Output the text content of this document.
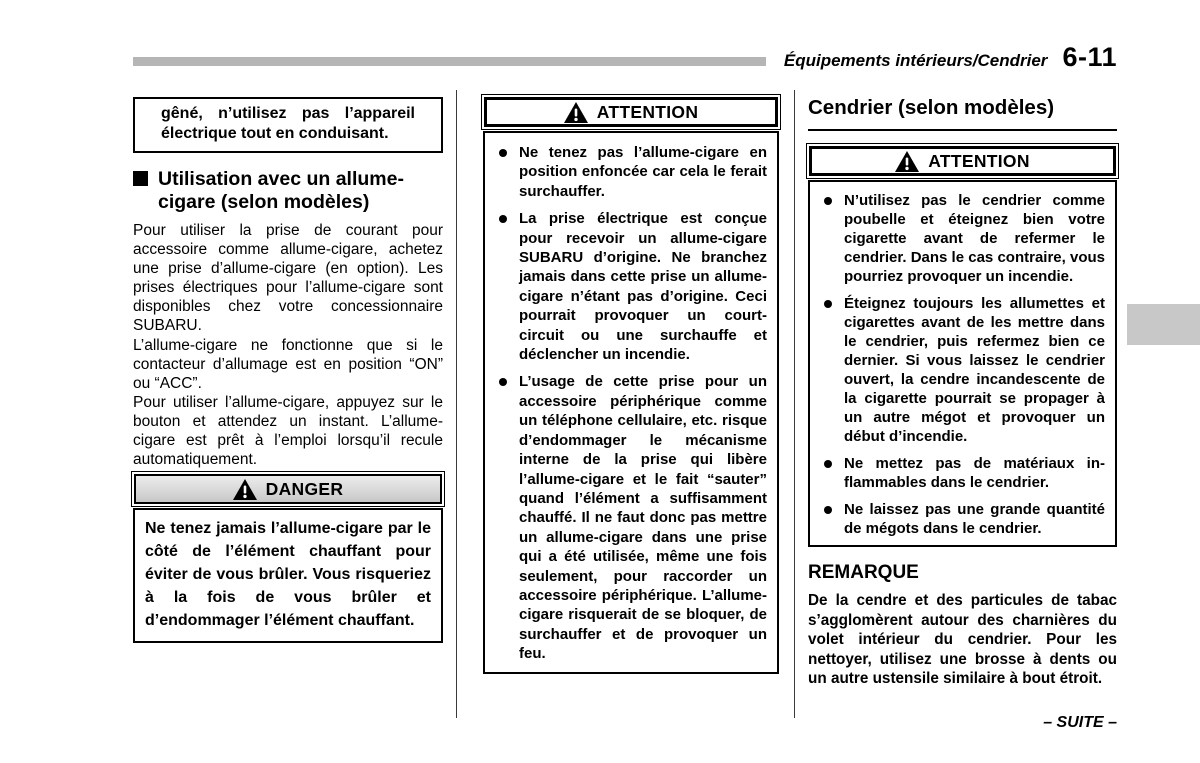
Équipements intérieurs/Cendrier 6-11
gêné, n’utilisez pas l’appareil électrique tout en conduisant.
Utilisation avec un allume-cigare (selon modèles)

Pour utiliser la prise de courant pour accessoire comme allume-cigare, achetez une prise d’allume-cigare (en option). Les prises électriques pour l’allume-cigare sont disponibles chez votre concessionnaire SUBARU.

L’allume-cigare ne fonctionne que si le contacteur d’allumage est en position “ON” ou “ACC”.

Pour utiliser l’allume-cigare, appuyez sur le bouton et attendez un instant. L’allume-cigare est prêt à l’emploi lorsqu’il recule automatiquement.

DANGER
Ne tenez jamais l’allume-cigare par le côté de l’élément chauffant pour éviter de vous brûler. Vous risqueriez à la fois de vous brûler et d’endommager l’élément chauffant.
ATTENTION

Ne tenez pas l’allume-cigare en position enfoncée car cela le ferait surchauffer.

La prise électrique est conçue pour recevoir un allume-cigare SUBARU d’origine. Ne branchez jamais dans cette prise un allume-cigare n’étant pas d’origine. Ceci pourrait provoquer un court-circuit ou une surchauffe et déclencher un incendie.

L’usage de cette prise pour un accessoire périphérique comme un téléphone cellulaire, etc. risque d’endommager le mécanisme interne de la prise qui libère l’allume-cigare et le fait “sauter” quand l’élément a suffisamment chauffé. Il ne faut donc pas mettre un allume-cigare dans une prise qui a été utilisée, même une fois seulement, pour raccorder un accessoire périphérique. L’allume-cigare risquerait de se bloquer, de surchauffer et de provoquer un feu.

Cendrier (selon modèles)
ATTENTION

N’utilisez pas le cendrier comme poubelle et éteignez bien votre cigarette avant de refermer le cendrier. Dans le cas contraire, vous pourriez provoquer un incendie.

Éteignez toujours les allumettes et cigarettes avant de les mettre dans le cendrier, puis refermez bien ce dernier. Si vous laissez le cendrier ouvert, la cendre incandescente de la cigarette pourrait se propager à un autre mégot et provoquer un début d’incendie.

Ne mettez pas de matériaux inflammables dans le cendrier.

Ne laissez pas une grande quantité de mégots dans le cendrier.

REMARQUE

De la cendre et des particules de tabac s’agglomèrent autour des charnières du volet intérieur du cendrier. Pour les nettoyer, utilisez une brosse à dents ou un autre ustensile similaire à bout étroit.

– SUITE –
